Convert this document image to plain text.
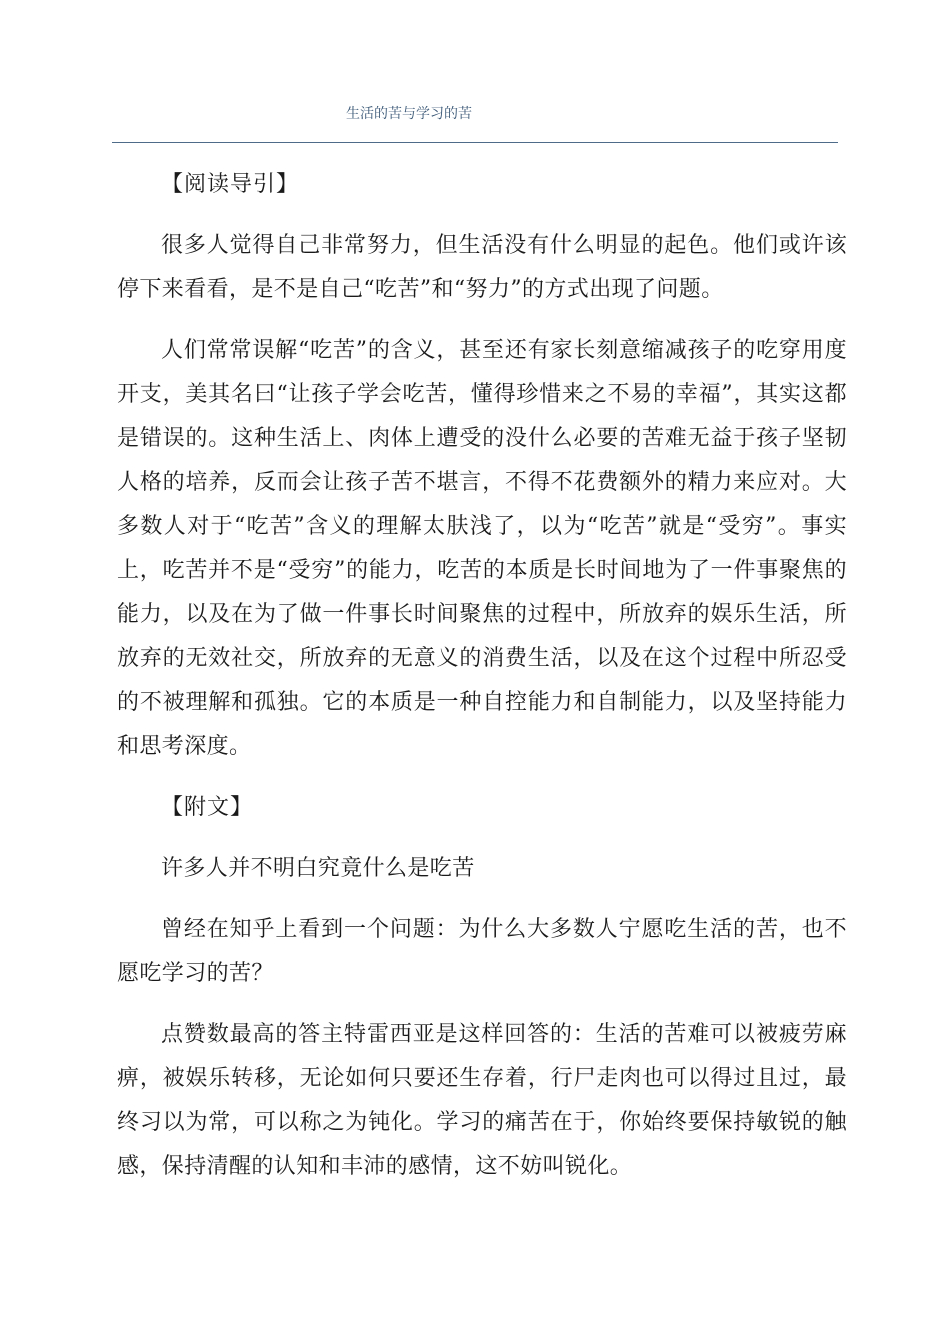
生活的苦与学习的苦

【阅读导引】

很多人觉得自己非常努力，但生活没有什么明显的起色。他们或许该停下来看看，是不是自己“吃苦”和“努力”的方式出现了问题。

人们常常误解“吃苦”的含义，甚至还有家长刻意缩减孩子的吃穿用度开支，美其名曰“让孩子学会吃苦，懂得珍惜来之不易的幸福”，其实这都是错误的。这种生活上、肉体上遭受的没什么必要的苦难无益于孩子坚韧人格的培养，反而会让孩子苦不堪言，不得不花费额外的精力来应对。大多数人对于“吃苦”含义的理解太肤浅了，以为“吃苦”就是“受穷”。事实上，吃苦并不是“受穷”的能力，吃苦的本质是长时间地为了一件事聚焦的能力，以及在为了做一件事长时间聚焦的过程中，所放弃的娱乐生活，所放弃的无效社交，所放弃的无意义的消费生活，以及在这个过程中所忍受的不被理解和孤独。它的本质是一种自控能力和自制能力，以及坚持能力和思考深度。

【附文】

许多人并不明白究竟什么是吃苦

曾经在知乎上看到一个问题：为什么大多数人宁愿吃生活的苦，也不愿吃学习的苦？

点赞数最高的答主特雷西亚是这样回答的：生活的苦难可以被疲劳麻痹，被娱乐转移，无论如何只要还生存着，行尸走肉也可以得过且过，最终习以为常，可以称之为钝化。学习的痛苦在于，你始终要保持敏锐的触感，保持清醒的认知和丰沛的感情，这不妨叫锐化。
